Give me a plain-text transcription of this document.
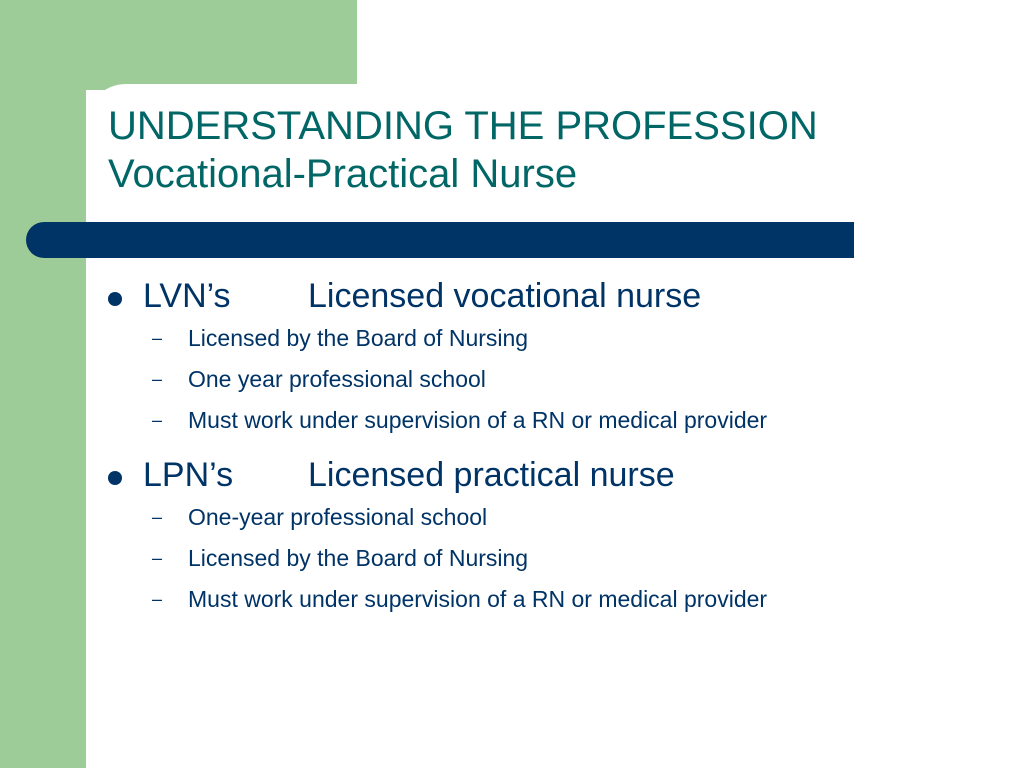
UNDERSTANDING THE PROFESSION
Vocational-Practical Nurse
LVN’s Licensed vocational nurse
– Licensed by the Board of Nursing
– One year professional school
– Must work under supervision of a RN or medical provider
LPN’s Licensed practical nurse
– One-year professional school
– Licensed by the Board of Nursing
– Must work under supervision of a RN or medical provider
